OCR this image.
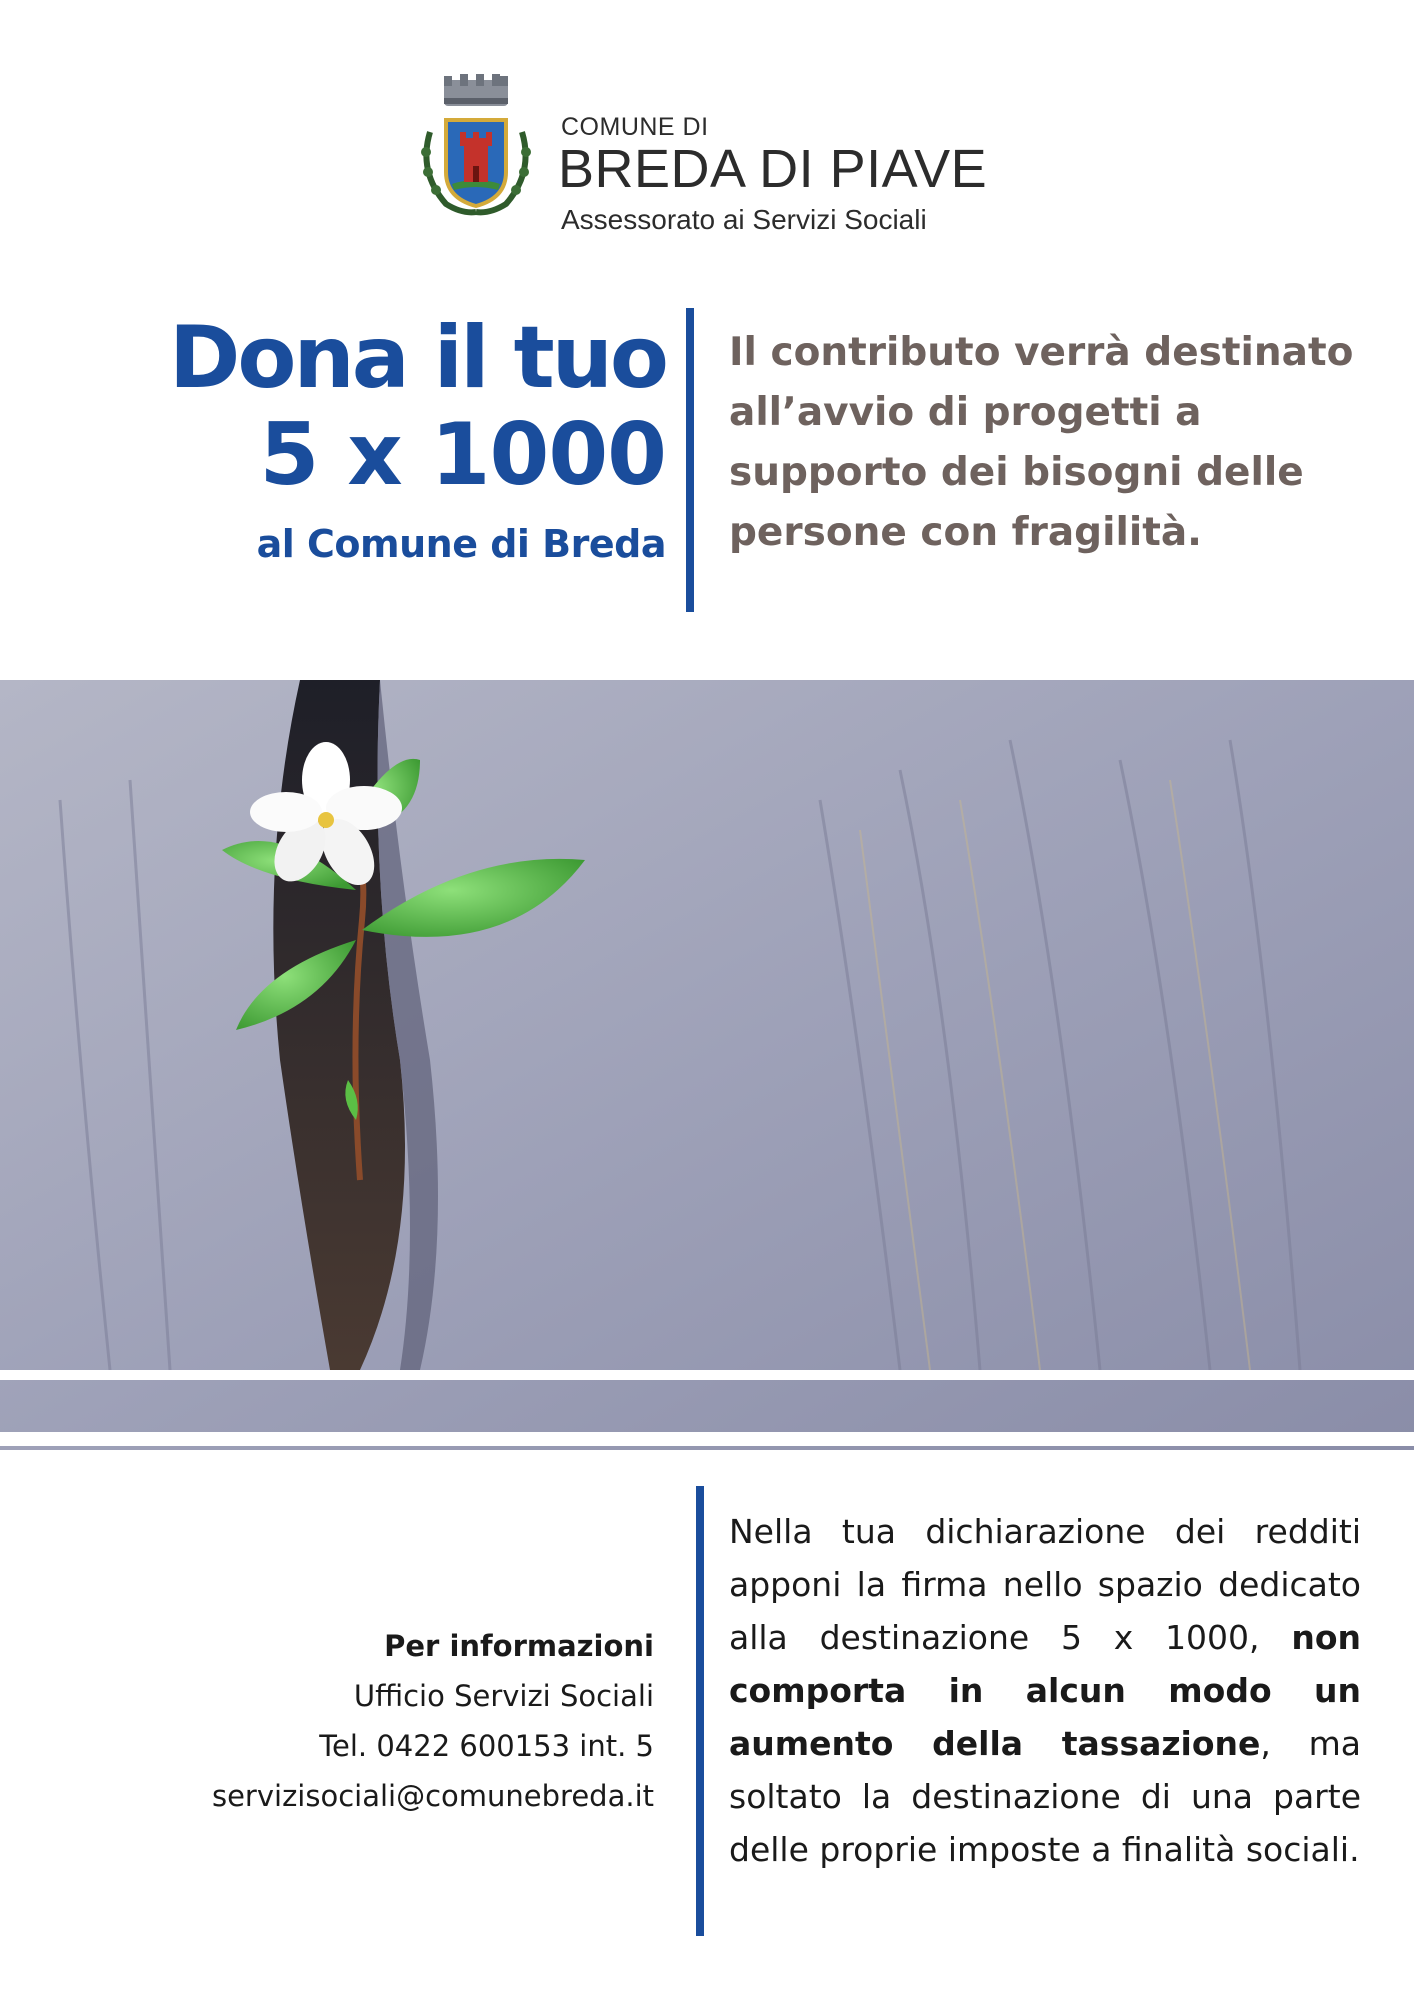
COMUNE DI
BREDA DI PIAVE
Assessorato ai Servizi Sociali
Dona il tuo
5 x 1000
al Comune di Breda
Il contributo verrà destinato all’avvio di progetti a supporto dei bisogni delle persone con fragilità.
Per informazioni
Ufficio Servizi Sociali
Tel. 0422 600153 int. 5
servizisociali@comunebreda.it
Nella tua dichiarazione dei redditi apponi la firma nello spazio dedicato alla destinazione 5 x 1000, non comporta in alcun modo un aumento della tassazione, ma soltato la destinazione di una parte delle proprie imposte a finalità sociali.
